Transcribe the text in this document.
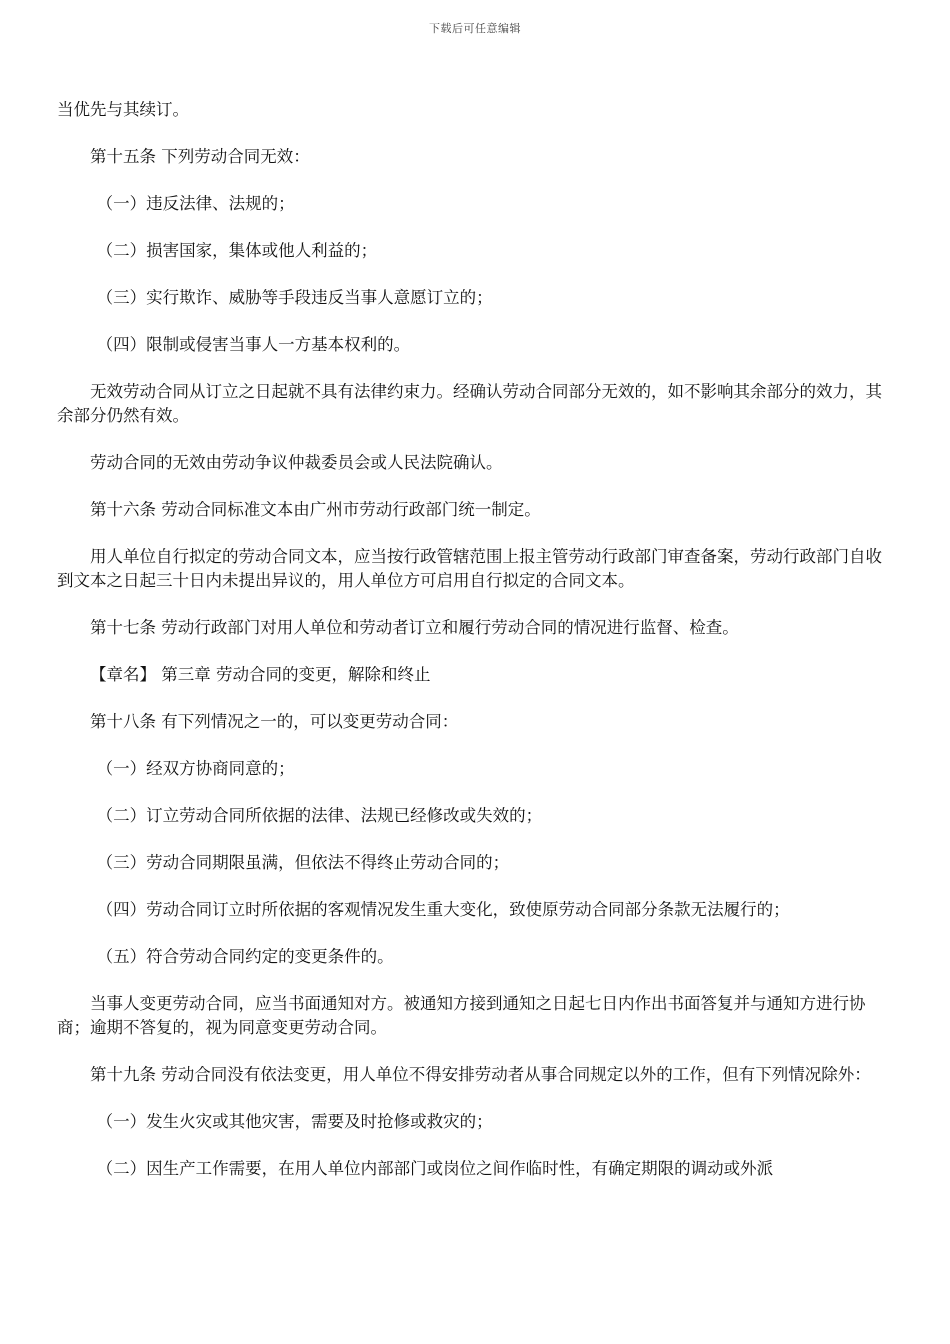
下载后可任意编辑

当优先与其续订。

第十五条 下列劳动合同无效：

（一）违反法律、法规的；

（二）损害国家，集体或他人利益的；

（三）实行欺诈、威胁等手段违反当事人意愿订立的；

（四）限制或侵害当事人一方基本权利的。

无效劳动合同从订立之日起就不具有法律约束力。经确认劳动合同部分无效的，如不影响其余部分的效力，其余部分仍然有效。

劳动合同的无效由劳动争议仲裁委员会或人民法院确认。

第十六条 劳动合同标准文本由广州市劳动行政部门统一制定。

用人单位自行拟定的劳动合同文本，应当按行政管辖范围上报主管劳动行政部门审查备案，劳动行政部门自收到文本之日起三十日内未提出异议的，用人单位方可启用自行拟定的合同文本。

第十七条 劳动行政部门对用人单位和劳动者订立和履行劳动合同的情况进行监督、检查。

【章名】 第三章 劳动合同的变更，解除和终止

第十八条 有下列情况之一的，可以变更劳动合同：

（一）经双方协商同意的；

（二）订立劳动合同所依据的法律、法规已经修改或失效的；

（三）劳动合同期限虽满，但依法不得终止劳动合同的；

（四）劳动合同订立时所依据的客观情况发生重大变化，致使原劳动合同部分条款无法履行的；

（五）符合劳动合同约定的变更条件的。

当事人变更劳动合同，应当书面通知对方。被通知方接到通知之日起七日内作出书面答复并与通知方进行协商；逾期不答复的，视为同意变更劳动合同。

第十九条 劳动合同没有依法变更，用人单位不得安排劳动者从事合同规定以外的工作，但有下列情况除外：

（一）发生火灾或其他灾害，需要及时抢修或救灾的；

（二）因生产工作需要，在用人单位内部部门或岗位之间作临时性，有确定期限的调动或外派
